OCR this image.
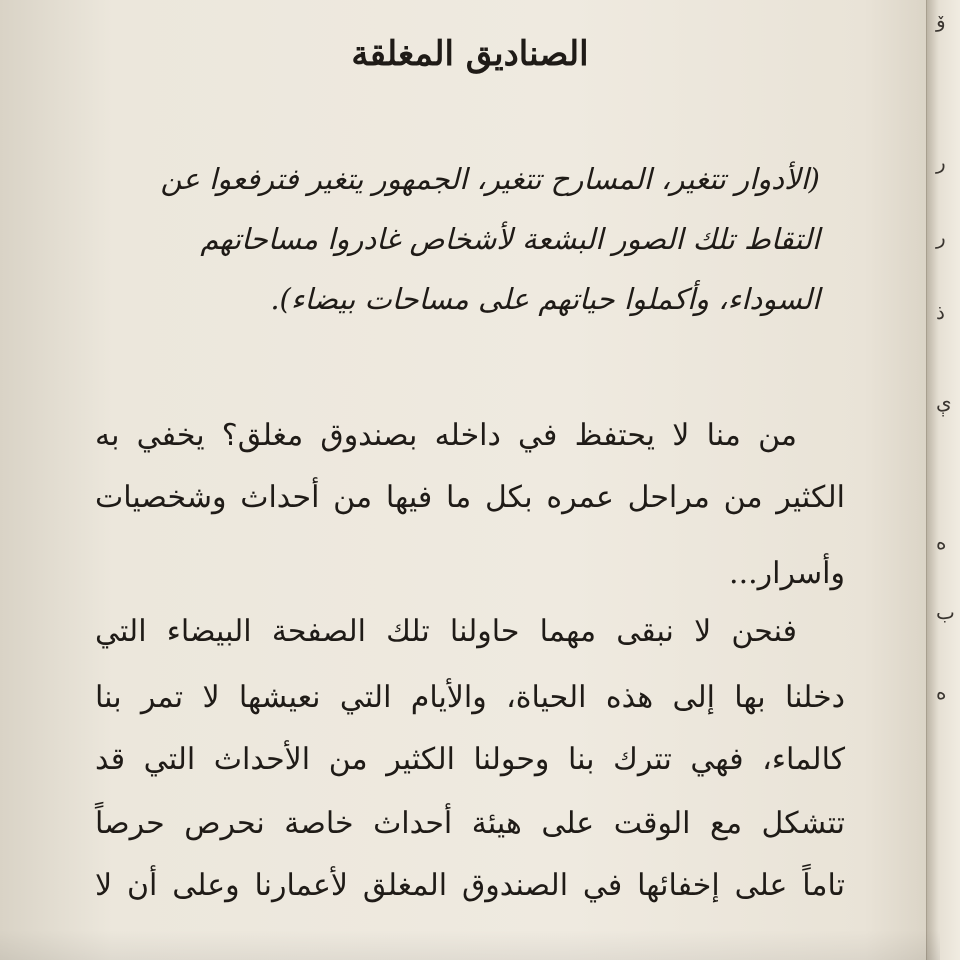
ۆ
ر
ر
ذ
ې
ه
ب
ه
الصناديق المغلقة
(الأدوار تتغير، المسارح تتغير، الجمهور يتغير فترفعوا عن
التقاط تلك الصور البشعة لأشخاص غادروا مساحاتهم
السوداء، وأكملوا حياتهم على مساحات بيضاء).
من منا لا يحتفظ في داخله بصندوق مغلق؟ يخفي به
الكثير من مراحل عمره بكل ما فيها من أحداث وشخصيات
وأسرار...
فنحن لا نبقى مهما حاولنا تلك الصفحة البيضاء التي
دخلنا بها إلى هذه الحياة، والأيام التي نعيشها لا تمر بنا
كالماء، فهي تترك بنا وحولنا الكثير من الأحداث التي قد
تتشكل مع الوقت على هيئة أحداث خاصة نحرص حرصاً
تاماً على إخفائها في الصندوق المغلق لأعمارنا وعلى أن لا
